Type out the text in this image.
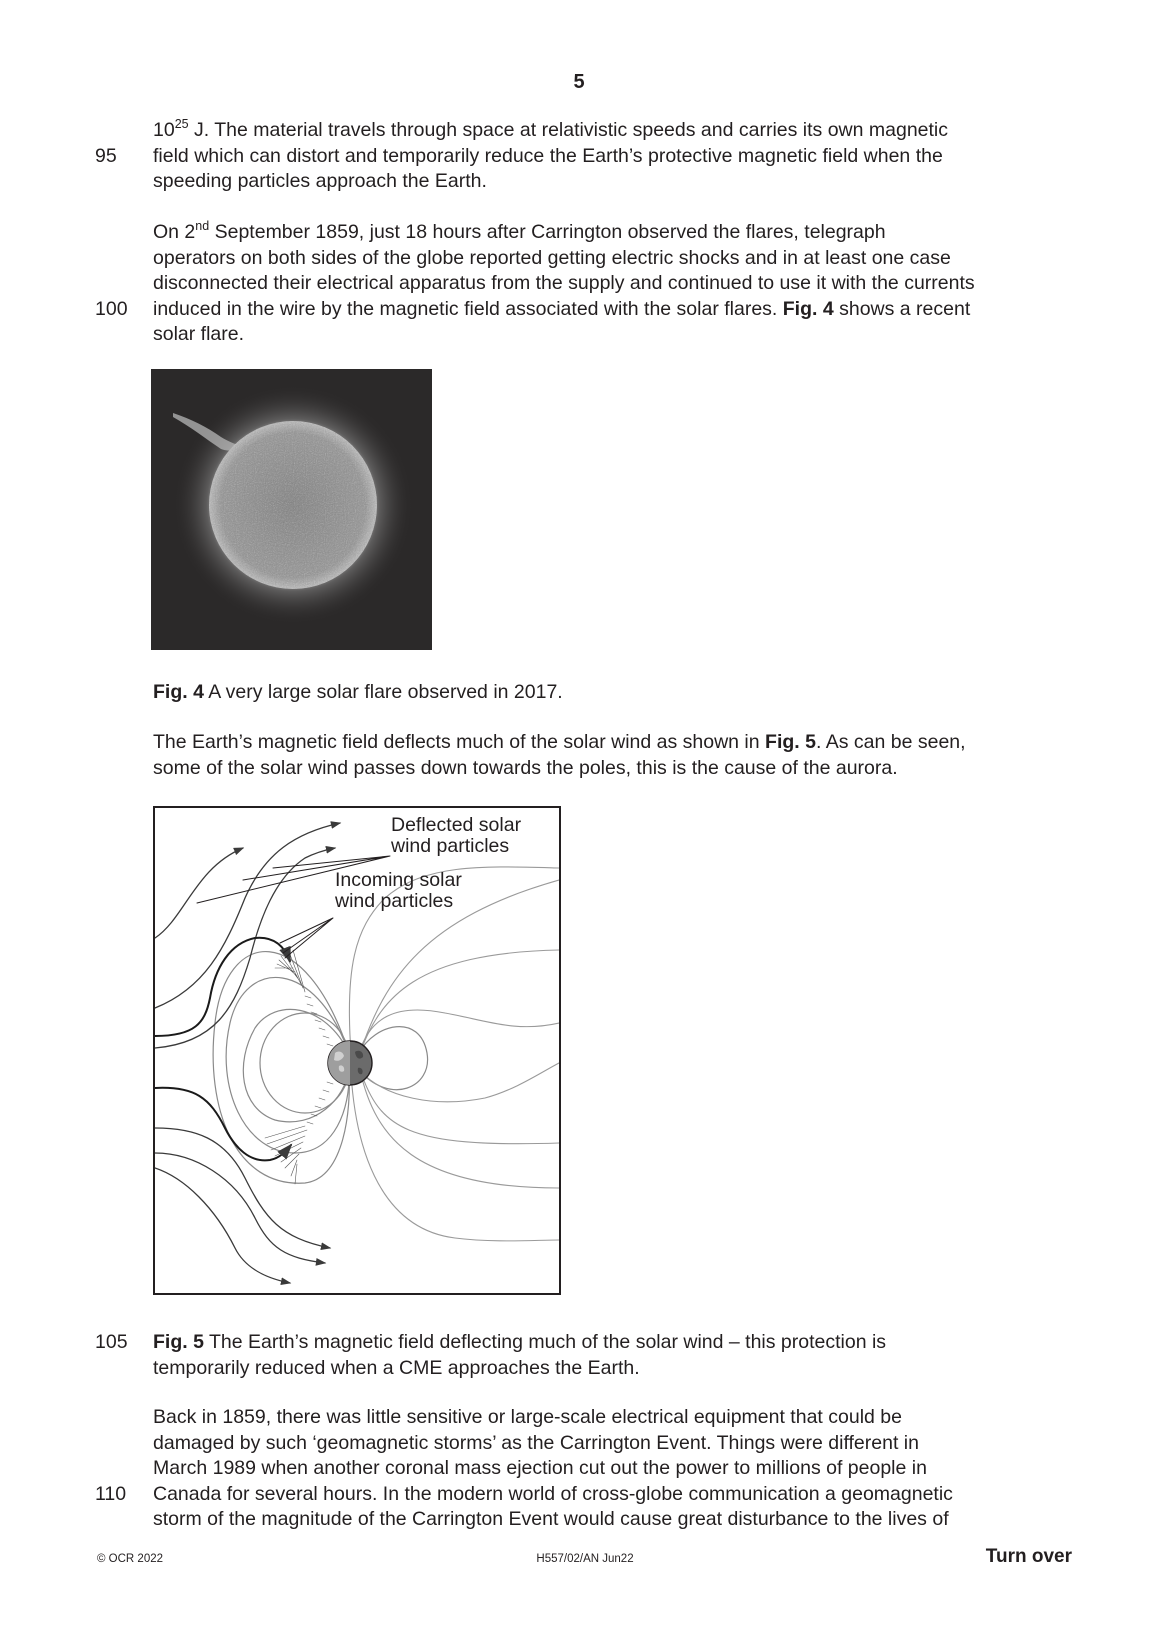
5
$10^{25}$ J. The material travels through space at relativistic speeds and carries its own magnetic
95 field which can distort and temporarily reduce the Earth’s protective magnetic field when the
speeding particles approach the Earth.
On 2nd September 1859, just 18 hours after Carrington observed the flares, telegraph
operators on both sides of the globe reported getting electric shocks and in at least one case
disconnected their electrical apparatus from the supply and continued to use it with the currents
100 induced in the wire by the magnetic field associated with the solar flares. Fig. 4 shows a recent
solar flare.
Fig. 4 A very large solar flare observed in 2017.
The Earth’s magnetic field deflects much of the solar wind as shown in Fig. 5. As can be seen,
some of the solar wind passes down towards the poles, this is the cause of the aurora.
Deflected solar
wind particles
Incoming solar
wind particles
105 Fig. 5 The Earth’s magnetic field deflecting much of the solar wind – this protection is
temporarily reduced when a CME approaches the Earth.
Back in 1859, there was little sensitive or large-scale electrical equipment that could be
damaged by such ‘geomagnetic storms’ as the Carrington Event. Things were different in
March 1989 when another coronal mass ejection cut out the power to millions of people in
110 Canada for several hours. In the modern world of cross-globe communication a geomagnetic
storm of the magnitude of the Carrington Event would cause great disturbance to the lives of
© OCR 2022	H557/02/AN Jun22	Turn over
